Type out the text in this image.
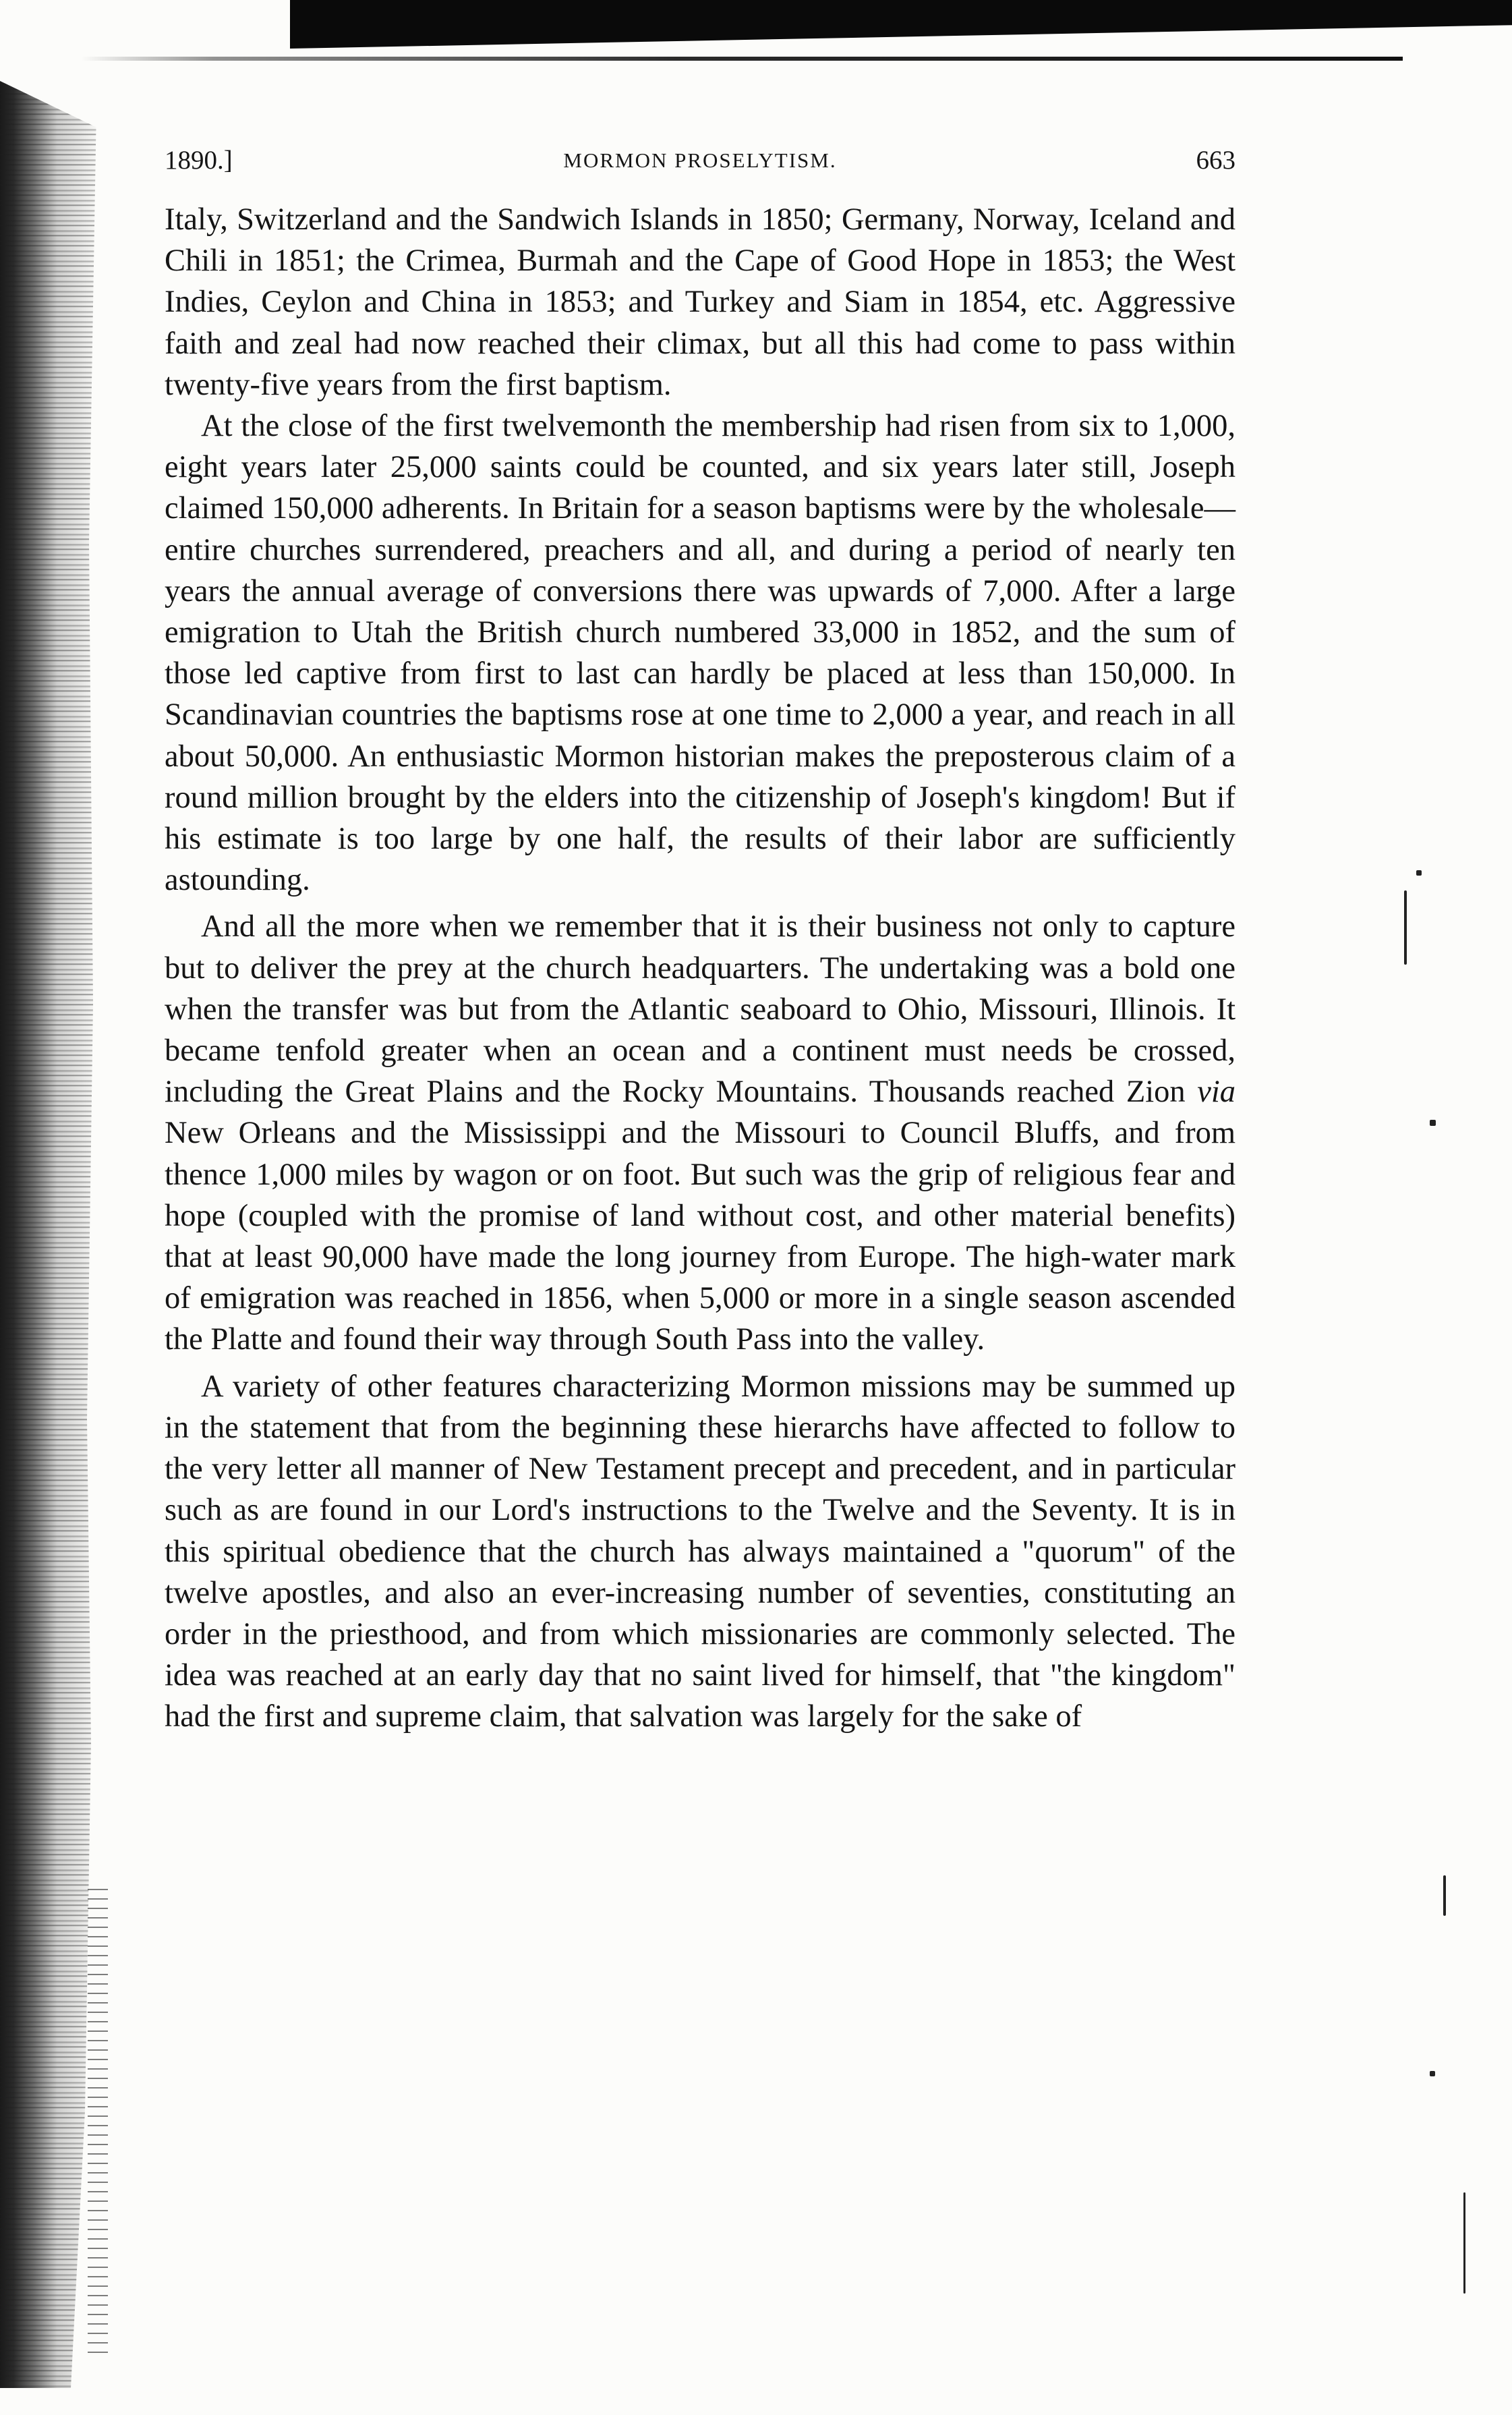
1890.]	MORMON PROSELYTISM.	663

Italy, Switzerland and the Sandwich Islands in 1850; Germany, Norway, Iceland and Chili in 1851; the Crimea, Burmah and the Cape of Good Hope in 1853; the West Indies, Ceylon and China in 1853; and Turkey and Siam in 1854, etc. Aggressive faith and zeal had now reached their climax, but all this had come to pass within twenty-five years from the first baptism.

At the close of the first twelvemonth the membership had risen from six to 1,000, eight years later 25,000 saints could be counted, and six years later still, Joseph claimed 150,000 adherents. In Britain for a season baptisms were by the wholesale—entire churches surrendered, preachers and all, and during a period of nearly ten years the annual average of conversions there was upwards of 7,000. After a large emigration to Utah the British church numbered 33,000 in 1852, and the sum of those led captive from first to last can hardly be placed at less than 150,000. In Scandinavian countries the baptisms rose at one time to 2,000 a year, and reach in all about 50,000. An enthusiastic Mormon historian makes the preposterous claim of a round million brought by the elders into the citizenship of Joseph's kingdom! But if his estimate is too large by one half, the results of their labor are sufficiently astounding.

And all the more when we remember that it is their business not only to capture but to deliver the prey at the church headquarters. The undertaking was a bold one when the transfer was but from the Atlantic seaboard to Ohio, Missouri, Illinois. It became tenfold greater when an ocean and a continent must needs be crossed, including the Great Plains and the Rocky Mountains. Thousands reached Zion via New Orleans and the Mississippi and the Missouri to Council Bluffs, and from thence 1,000 miles by wagon or on foot. But such was the grip of religious fear and hope (coupled with the promise of land without cost, and other material benefits) that at least 90,000 have made the long journey from Europe. The high-water mark of emigration was reached in 1856, when 5,000 or more in a single season ascended the Platte and found their way through South Pass into the valley.

A variety of other features characterizing Mormon missions may be summed up in the statement that from the beginning these hierarchs have affected to follow to the very letter all manner of New Testament precept and precedent, and in particular such as are found in our Lord's instructions to the Twelve and the Seventy. It is in this spiritual obedience that the church has always maintained a "quorum" of the twelve apostles, and also an ever-increasing number of seventies, constituting an order in the priesthood, and from which missionaries are commonly selected. The idea was reached at an early day that no saint lived for himself, that "the kingdom" had the first and supreme claim, that salvation was largely for the sake of
